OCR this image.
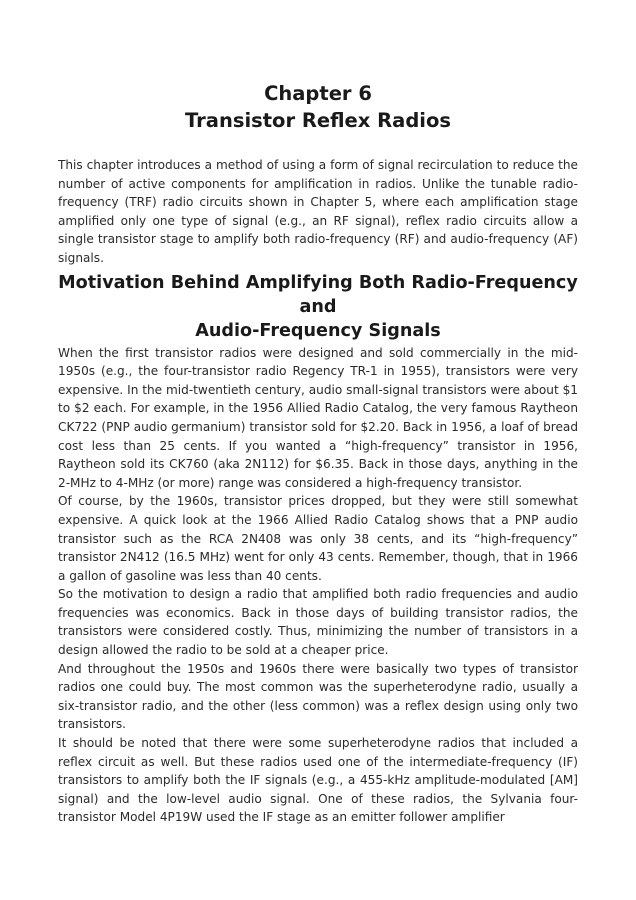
Chapter 6
Transistor Reflex Radios

This chapter introduces a method of using a form of signal recirculation to reduce the number of active components for amplification in radios. Unlike the tunable radio-frequency (TRF) radio circuits shown in Chapter 5, where each amplification stage amplified only one type of signal (e.g., an RF signal), reflex radio circuits allow a single transistor stage to amplify both radio-frequency (RF) and audio-frequency (AF) signals.

Motivation Behind Amplifying Both Radio-Frequency and
Audio-Frequency Signals

When the first transistor radios were designed and sold commercially in the mid-1950s (e.g., the four-transistor radio Regency TR-1 in 1955), transistors were very expensive. In the mid-twentieth century, audio small-signal transistors were about $1 to $2 each. For example, in the 1956 Allied Radio Catalog, the very famous Raytheon CK722 (PNP audio germanium) transistor sold for $2.20. Back in 1956, a loaf of bread cost less than 25 cents. If you wanted a “high-frequency” transistor in 1956, Raytheon sold its CK760 (aka 2N112) for $6.35. Back in those days, anything in the 2-MHz to 4-MHz (or more) range was considered a high-frequency transistor.

Of course, by the 1960s, transistor prices dropped, but they were still somewhat expensive. A quick look at the 1966 Allied Radio Catalog shows that a PNP audio transistor such as the RCA 2N408 was only 38 cents, and its “high-frequency” transistor 2N412 (16.5 MHz) went for only 43 cents. Remember, though, that in 1966 a gallon of gasoline was less than 40 cents.

So the motivation to design a radio that amplified both radio frequencies and audio frequencies was economics. Back in those days of building transistor radios, the transistors were considered costly. Thus, minimizing the number of transistors in a design allowed the radio to be sold at a cheaper price.

And throughout the 1950s and 1960s there were basically two types of transistor radios one could buy. The most common was the superheterodyne radio, usually a six-transistor radio, and the other (less common) was a reflex design using only two transistors.

It should be noted that there were some superheterodyne radios that included a reflex circuit as well. But these radios used one of the intermediate-frequency (IF) transistors to amplify both the IF signals (e.g., a 455-kHz amplitude-modulated [AM] signal) and the low-level audio signal. One of these radios, the Sylvania four-transistor Model 4P19W used the IF stage as an emitter follower amplifier
